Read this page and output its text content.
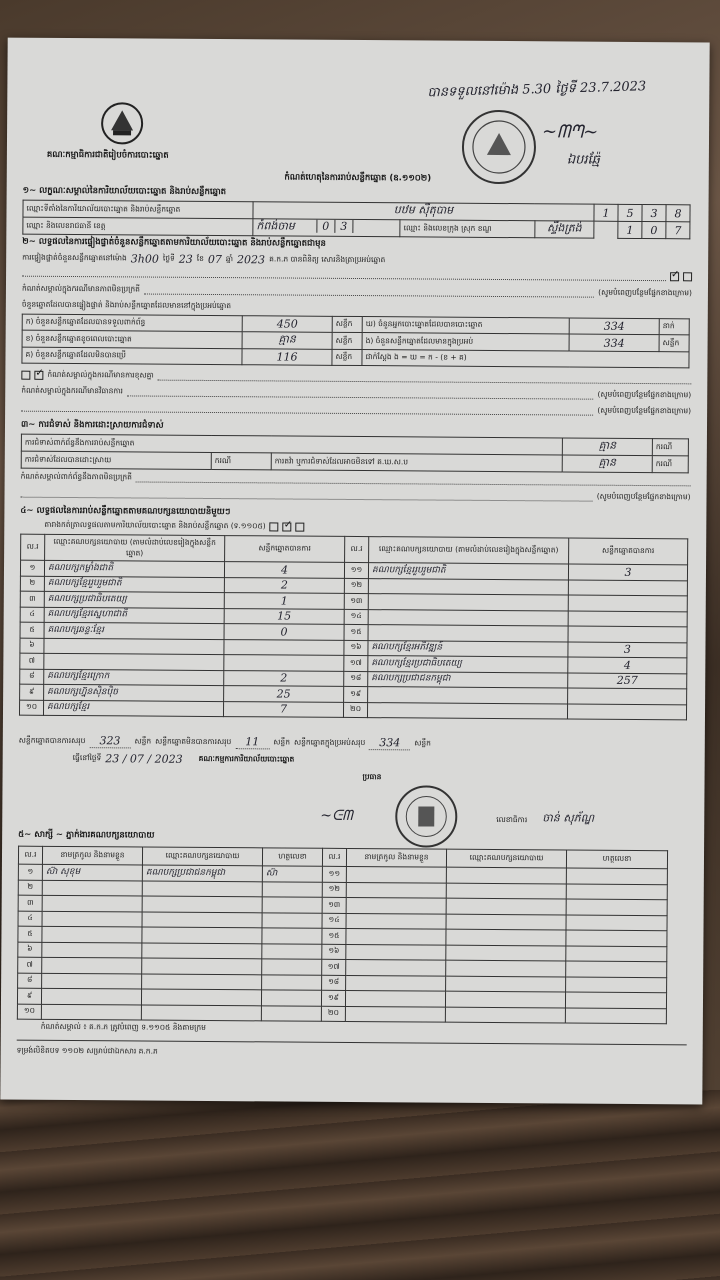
គណៈកម្មាធិការជាតិរៀបចំការបោះឆ្នោត
បានទទួលនៅម៉ោង 5.30 ថ្ងៃទី 23.7.2023
~ᗰᘉ~
ឯបរឆ្ម៉ែ
កំណត់ហេតុនៃការរាប់សន្លឹកឆ្នោត (ឧ.១១០២)
១~ លក្ខណៈសម្គាល់នៃការិយាល័យបោះឆ្នោត និងរាប់សន្លឹកឆ្នោត
ឈ្មោះទីតាំងនៃការិយាល័យបោះឆ្នោត និងរាប់សន្លឹកឆ្នោត	បឋម ស៊ីតុបាម			1	5	3	8
ឈ្មោះ និងលេខរាជធានី ខេត្ត	កំពង់ចាម 0 3	ឈ្មោះ និងលេខក្រុង ស្រុក ខណ្ឌ	ស្ទឹងត្រង់		1	0	7
២~ លទ្ធផលនៃការផ្ទៀងផ្ទាត់ចំនួនសន្លឹកឆ្នោតតាមការិយាល័យបោះឆ្នោត និងរាប់សន្លឹកឆ្នោតជាមុន
ការផ្ទៀងផ្ទាត់ចំនួនសន្លឹកឆ្នោតនៅម៉ោង 3h00 ថ្ងៃទី 23 ខែ 07 ឆ្នាំ 2023 គ.ក.ភ បានពិនិត្យ សោរនិងត្រាប្រអប់ឆ្នោត
✓
កំណត់សម្គាល់ក្នុងករណីមានភាពមិនប្រក្រតី	(សូមបំពេញបន្ថែមផ្នែកខាងក្រោម)
ចំនួនឆ្នោតដែលបានផ្ទៀងផ្ទាត់ និងរាប់សន្លឹកឆ្នោតដែលមាននៅក្នុងប្រអប់ឆ្នោត
ក) ចំនួនសន្លឹកឆ្នោតដែលបានទទួលពាក់ព័ន្ធ	450	សន្លឹក	ឃ) ចំនួនអ្នកបោះឆ្នោតដែលបានបោះឆ្នោត	334	នាក់
ខ) ចំនួនសន្លឹកឆ្នោតខូចពេលបោះឆ្នោត	គ្មាន	សន្លឹក	ង) ចំនួនសន្លឹកឆ្នោតដែលមានក្នុងប្រអប់	334	សន្លឹក
គ) ចំនួនសន្លឹកឆ្នោតដែលមិនបានប្រើ	116	សន្លឹក	ជាក់ស្តែង ង = ឃ = ក - (ខ + គ)		
✓
កំណត់សម្គាល់ក្នុងករណីមានការខុសគ្នា
កំណត់សម្គាល់ក្នុងករណីមានវិធានការ	(សូមបំពេញបន្ថែមផ្នែកខាងក្រោម)
(សូមបំពេញបន្ថែមផ្នែកខាងក្រោម)
៣~ ការជំទាស់ និងការដោះស្រាយការជំទាស់
ការជំទាស់ពាក់ព័ន្ធនឹងការរាប់សន្លឹកឆ្នោត			គ្មាន	ករណី
ការជំទាស់ដែលបានដោះស្រាយ	ករណី	ការតវ៉ា ឬការជំទាស់ដែលអាចមិនទៅ គ.ឃ.ស.ប	គ្មាន	ករណី
កំណត់សម្គាល់ពាក់ព័ន្ធនឹងភាពមិនប្រក្រតី
(សូមបំពេញបន្ថែមផ្នែកខាងក្រោម)
៤~ លទ្ធផលនៃការរាប់សន្លឹកឆ្នោតតាមគណបក្សនយោបាយនិមួយៗ
តារាងកត់ត្រាលទ្ធផលតាមការិយាល័យបោះឆ្នោត និងរាប់សន្លឹកឆ្នោត (ទ.១១០៥)
✓
ល.រ	ឈ្មោះគណបក្សនយោបាយ (តាមលំដាប់លេខរៀងក្នុងសន្លឹកឆ្នោត)	សន្លឹកឆ្នោតបានការ	ល.រ	ឈ្មោះគណបក្សនយោបាយ (តាមលំដាប់លេខរៀងក្នុងសន្លឹកឆ្នោត)	សន្លឹកឆ្នោតបានការ
១	គណបក្សកម្លាំងជាតិ	4	១១	គណបក្សខ្មែររួបរួមជាតិ	3
២	គណបក្សខ្មែររួបរួមជាតិ	2	១២		
៣	គណបក្សប្រជាធិបតេយ្យ	1	១៣		
៤	គណបក្សខ្មែរស្នេហាជាតិ	15	១៤		
៥	គណបក្សឆន្ទៈខ្មែរ	0	១៥		
៦			១៦	គណបក្សខ្មែរអភិវឌ្ឍន៍	3
៧			១៧	គណបក្សខ្មែរប្រជាធិបតេយ្យ	4
៨	គណបក្សខ្មែរក្រោក	2	១៨	គណបក្សប្រជាជនកម្ពុជា	257
៩	គណបក្សហ្វ៊ុនស៊ិនប៉ិច	25	១៩		
១០	គណបក្សខ្មែរ	7	២០		
សន្លឹកឆ្នោតបានការសរុប	323	សន្លឹក សន្លឹកឆ្នោតមិនបានការសរុប	11	សន្លឹក សន្លឹកឆ្នោតក្នុងប្រអប់សរុប	334	សន្លឹក
ធ្វើនៅថ្ងៃទី 23 / 07 / 2023 គណៈកម្មការការិយាល័យបោះឆ្នោត
ប្រធាន
~ᕮᗰ	លេខាធិការ ចាន់ សុភ័ណ្ឌ
៥~ សាក្សី ~ ភ្នាក់ងារគណបក្សនយោបាយ
ល.រ	នាមត្រកូល និងនាមខ្លួន	ឈ្មោះគណបក្សនយោបាយ	ហត្ថលេខា	ល.រ	នាមត្រកូល និងនាមខ្លួន	ឈ្មោះគណបក្សនយោបាយ	ហត្ថលេខា
១	ស៊ា សុខុម	គណបក្សប្រជាជនកម្ពុជា	ស៊ា	១១			
២				១២			
៣				១៣			
៤				១៤			
៥				១៥			
៦				១៦			
៧				១៧			
៨				១៨			
៩				១៩			
១០				២០			
កំណត់សម្គាល់ ៖ គ.ក.ភ ត្រូវបំពេញ ទ.១១០៥ និងតាមក្រម
ទម្រង់លិខិតបទ ១១០២ សម្រាប់ជាឯកសារ គ.ក.ភ
